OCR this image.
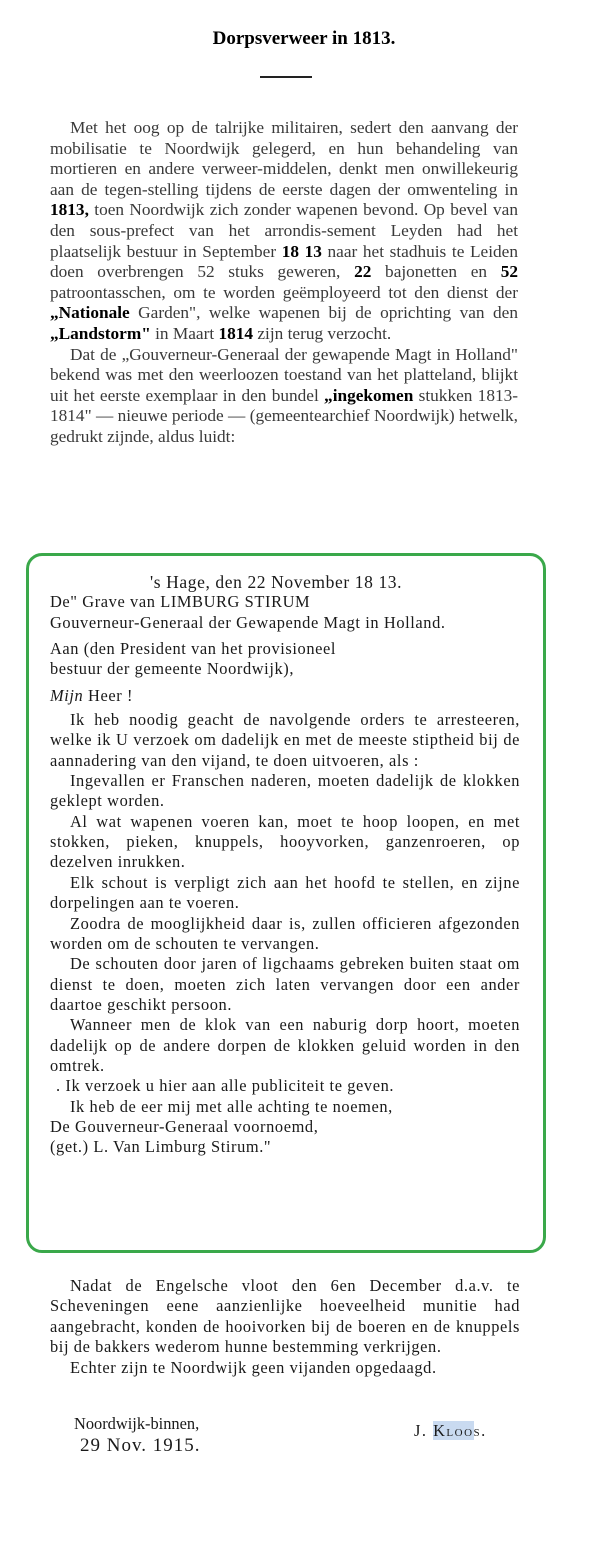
Dorpsverweer in 1813.

Met het oog op de talrijke militairen, sedert den aanvang der mobilisatie te Noordwijk gelegerd, en hun behandeling van mortieren en andere verweer-middelen, denkt men onwillekeurig aan de tegen-stelling tijdens de eerste dagen der omwenteling in 1813, toen Noordwijk zich zonder wapenen bevond. Op bevel van den sous-prefect van het arrondis-sement Leyden had het plaatselijk bestuur in September 18 13 naar het stadhuis te Leiden doen overbrengen 52 stuks geweren, 22 bajonetten en 52 patroontasschen, om te worden geëmployeerd tot den dienst der „Nationale Garden", welke wapenen bij de oprichting van den „Landstorm" in Maart 1814 zijn terug verzocht.

Dat de „Gouverneur-Generaal der gewapende Magt in Holland" bekend was met den weerloozen toestand van het platteland, blijkt uit het eerste exemplaar in den bundel „ingekomen stukken 1813-1814" — nieuwe periode — (gemeentearchief Noordwijk) hetwelk, gedrukt zijnde, aldus luidt:

's Hage, den 22 November 18 13.

De" Grave van LIMBURG STIRUM

Gouverneur-Generaal der Gewapende Magt in Holland.

Aan (den President van het provisioneel

bestuur der gemeente Noordwijk),

Mijn Heer !

Ik heb noodig geacht de navolgende orders te arresteeren, welke ik U verzoek om dadelijk en met de meeste stiptheid bij de aannadering van den vijand, te doen uitvoeren, als :

Ingevallen er Franschen naderen, moeten dadelijk de klokken geklept worden.

Al wat wapenen voeren kan, moet te hoop loopen, en met stokken, pieken, knuppels, hooyvorken, ganzenroeren, op dezelven inrukken.

Elk schout is verpligt zich aan het hoofd te stellen, en zijne dorpelingen aan te voeren.

Zoodra de mooglijkheid daar is, zullen officieren afgezonden worden om de schouten te vervangen.

De schouten door jaren of ligchaams gebreken buiten staat om dienst te doen, moeten zich laten vervangen door een ander daartoe geschikt persoon.

Wanneer men de klok van een naburig dorp hoort, moeten dadelijk op de andere dorpen de klokken geluid worden in den omtrek.

. Ik verzoek u hier aan alle publiciteit te geven.

Ik heb de eer mij met alle achting te noemen,

De Gouverneur-Generaal voornoemd,

(get.) L. Van Limburg Stirum."

Nadat de Engelsche vloot den 6en December d.a.v. te Scheveningen eene aanzienlijke hoeveelheid munitie had aangebracht, konden de hooivorken bij de boeren en de knuppels bij de bakkers wederom hunne bestemming verkrijgen.

Echter zijn te Noordwijk geen vijanden opgedaagd.

Noordwijk-binnen,
29 Nov. 1915.
J. Kloos.
